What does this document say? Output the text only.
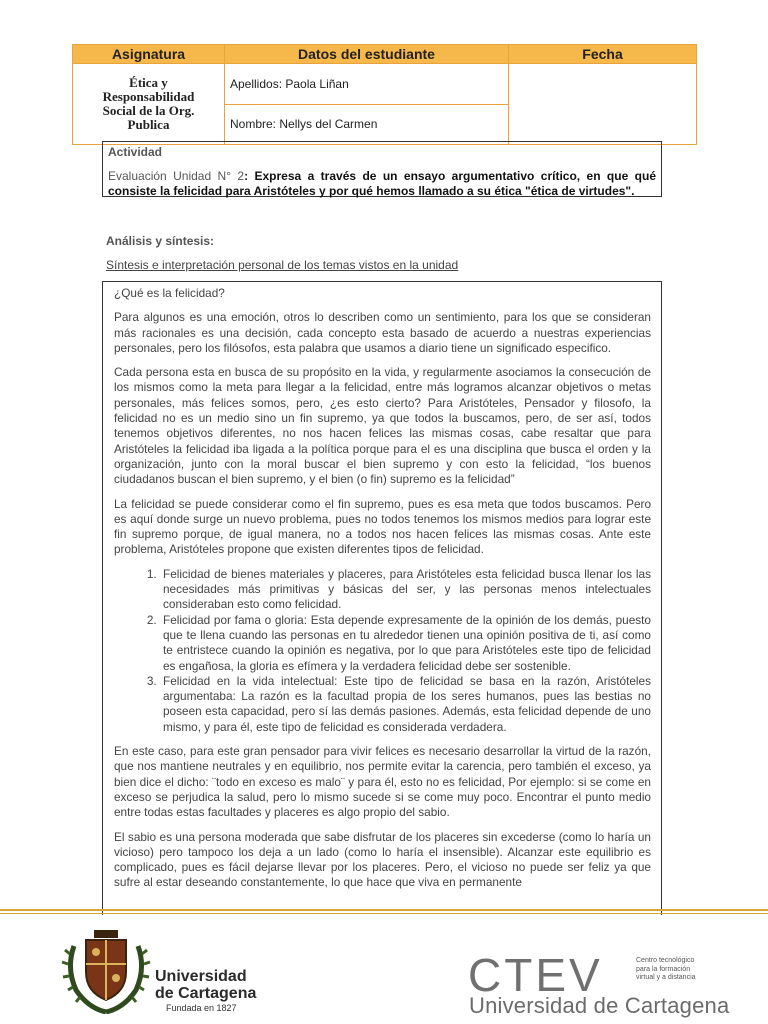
Asignatura	Datos del estudiante	Fecha

Ética y
Responsabilidad
Social de la Org.
Publica	Apellidos: Paola Liñan	
	Nombre: Nellys del Carmen	
Actividad
Evaluación Unidad N° 2: Expresa a través de un ensayo argumentativo crítico, en que qué consiste la felicidad para Aristóteles y por qué hemos llamado a su ética "ética de virtudes".
Análisis y síntesis:
Síntesis e interpretación personal de los temas vistos en la unidad

¿Qué es la felicidad?

Para algunos es una emoción, otros lo describen como un sentimiento, para los que se consideran más racionales es una decisión, cada concepto esta basado de acuerdo a nuestras experiencias personales, pero los filósofos, esta palabra que usamos a diario tiene un significado especifico.

Cada persona esta en busca de su propósito en la vida, y regularmente asociamos la consecución de los mismos como la meta para llegar a la felicidad, entre más logramos alcanzar objetivos o metas personales, más felices somos, pero, ¿es esto cierto? Para Aristóteles, Pensador y filosofo, la felicidad no es un medio sino un fin supremo, ya que todos la buscamos, pero, de ser así, todos tenemos objetivos diferentes, no nos hacen felices las mismas cosas, cabe resaltar que para Aristóteles la felicidad iba ligada a la política porque para el es una disciplina que busca el orden y la organización, junto con la moral buscar el bien supremo y con esto la felicidad, “los buenos ciudadanos buscan el bien supremo, y el bien (o fin) supremo es la felicidad”

La felicidad se puede considerar como el fin supremo, pues es esa meta que todos buscamos. Pero es aquí donde surge un nuevo problema, pues no todos tenemos los mismos medios para lograr este fin supremo porque, de igual manera, no a todos nos hacen felices las mismas cosas. Ante este problema, Aristóteles propone que existen diferentes tipos de felicidad.

1. Felicidad de bienes materiales y placeres, para Aristóteles esta felicidad busca llenar los las necesidades más primitivas y básicas del ser, y las personas menos intelectuales consideraban esto como felicidad.
2. Felicidad por fama o gloria: Esta depende expresamente de la opinión de los demás, puesto que te llena cuando las personas en tu alrededor tienen una opinión positiva de ti, así como te entristece cuando la opinión es negativa, por lo que para Aristóteles este tipo de felicidad es engañosa, la gloria es efímera y la verdadera felicidad debe ser sostenible.
3. Felicidad en la vida intelectual: Este tipo de felicidad se basa en la razón, Aristóteles argumentaba: La razón es la facultad propia de los seres humanos, pues las bestias no poseen esta capacidad, pero sí las demás pasiones. Además, esta felicidad depende de uno mismo, y para él, este tipo de felicidad es considerada verdadera.

En este caso, para este gran pensador para vivir felices es necesario desarrollar la virtud de la razón, que nos mantiene neutrales y en equilibrio, nos permite evitar la carencia, pero también el exceso, ya bien dice el dicho: ¨todo en exceso es malo¨ y para él, esto no es felicidad, Por ejemplo: si se come en exceso se perjudica la salud, pero lo mismo sucede si se come muy poco. Encontrar el punto medio entre todas estas facultades y placeres es algo propio del sabio.

El sabio es una persona moderada que sabe disfrutar de los placeres sin excederse (como lo haría un vicioso) pero tampoco los deja a un lado (como lo haría el insensible). Alcanzar este equilibrio es complicado, pues es fácil dejarse llevar por los placeres. Pero, el vicioso no puede ser feliz ya que sufre al estar deseando constantemente, lo que hace que viva en permanente

Universidad
de Cartagena
Fundada en 1827
CTEV	Centro tecnológico
para la formación
virtual y a distancia
Universidad de Cartagena
